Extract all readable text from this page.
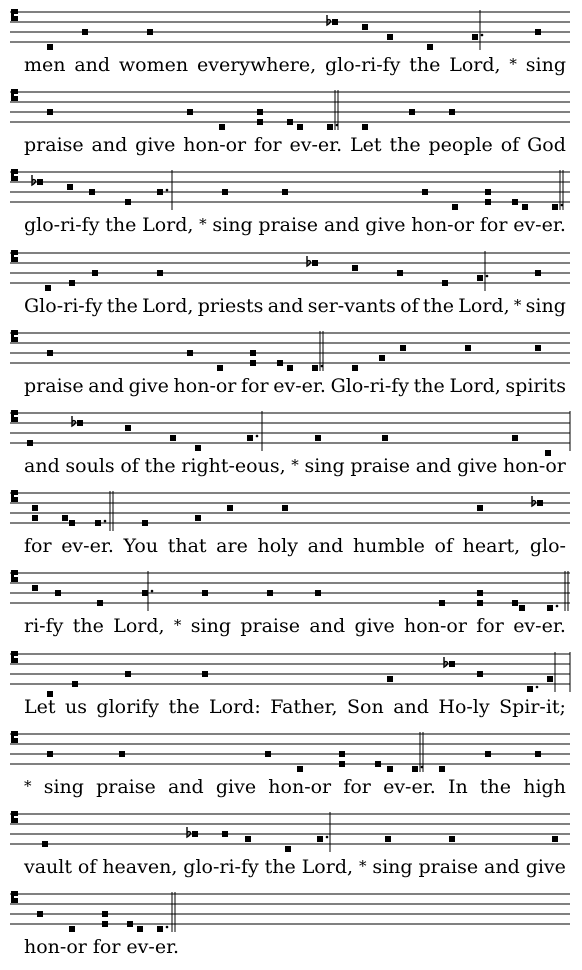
men and women everywhere, glo-ri-fy the Lord, * sing
praise and give hon-or for ev-er. Let the people of God
glo-ri-fy the Lord, * sing praise and give hon-or for ev-er.
Glo-ri-fy the Lord, priests and ser-vants of the Lord, * sing
praise and give hon-or for ev-er. Glo-ri-fy the Lord, spirits
and souls of the right-eous, * sing praise and give hon-or
for ev-er. You that are holy and humble of heart, glo-
ri-fy the Lord, * sing praise and give hon-or for ev-er.
Let us glorify the Lord: Father, Son and Ho-ly Spir-it;
* sing praise and give hon-or for ev-er. In the high
vault of heaven, glo-ri-fy the Lord, * sing praise and give
hon-or for ev-er.
